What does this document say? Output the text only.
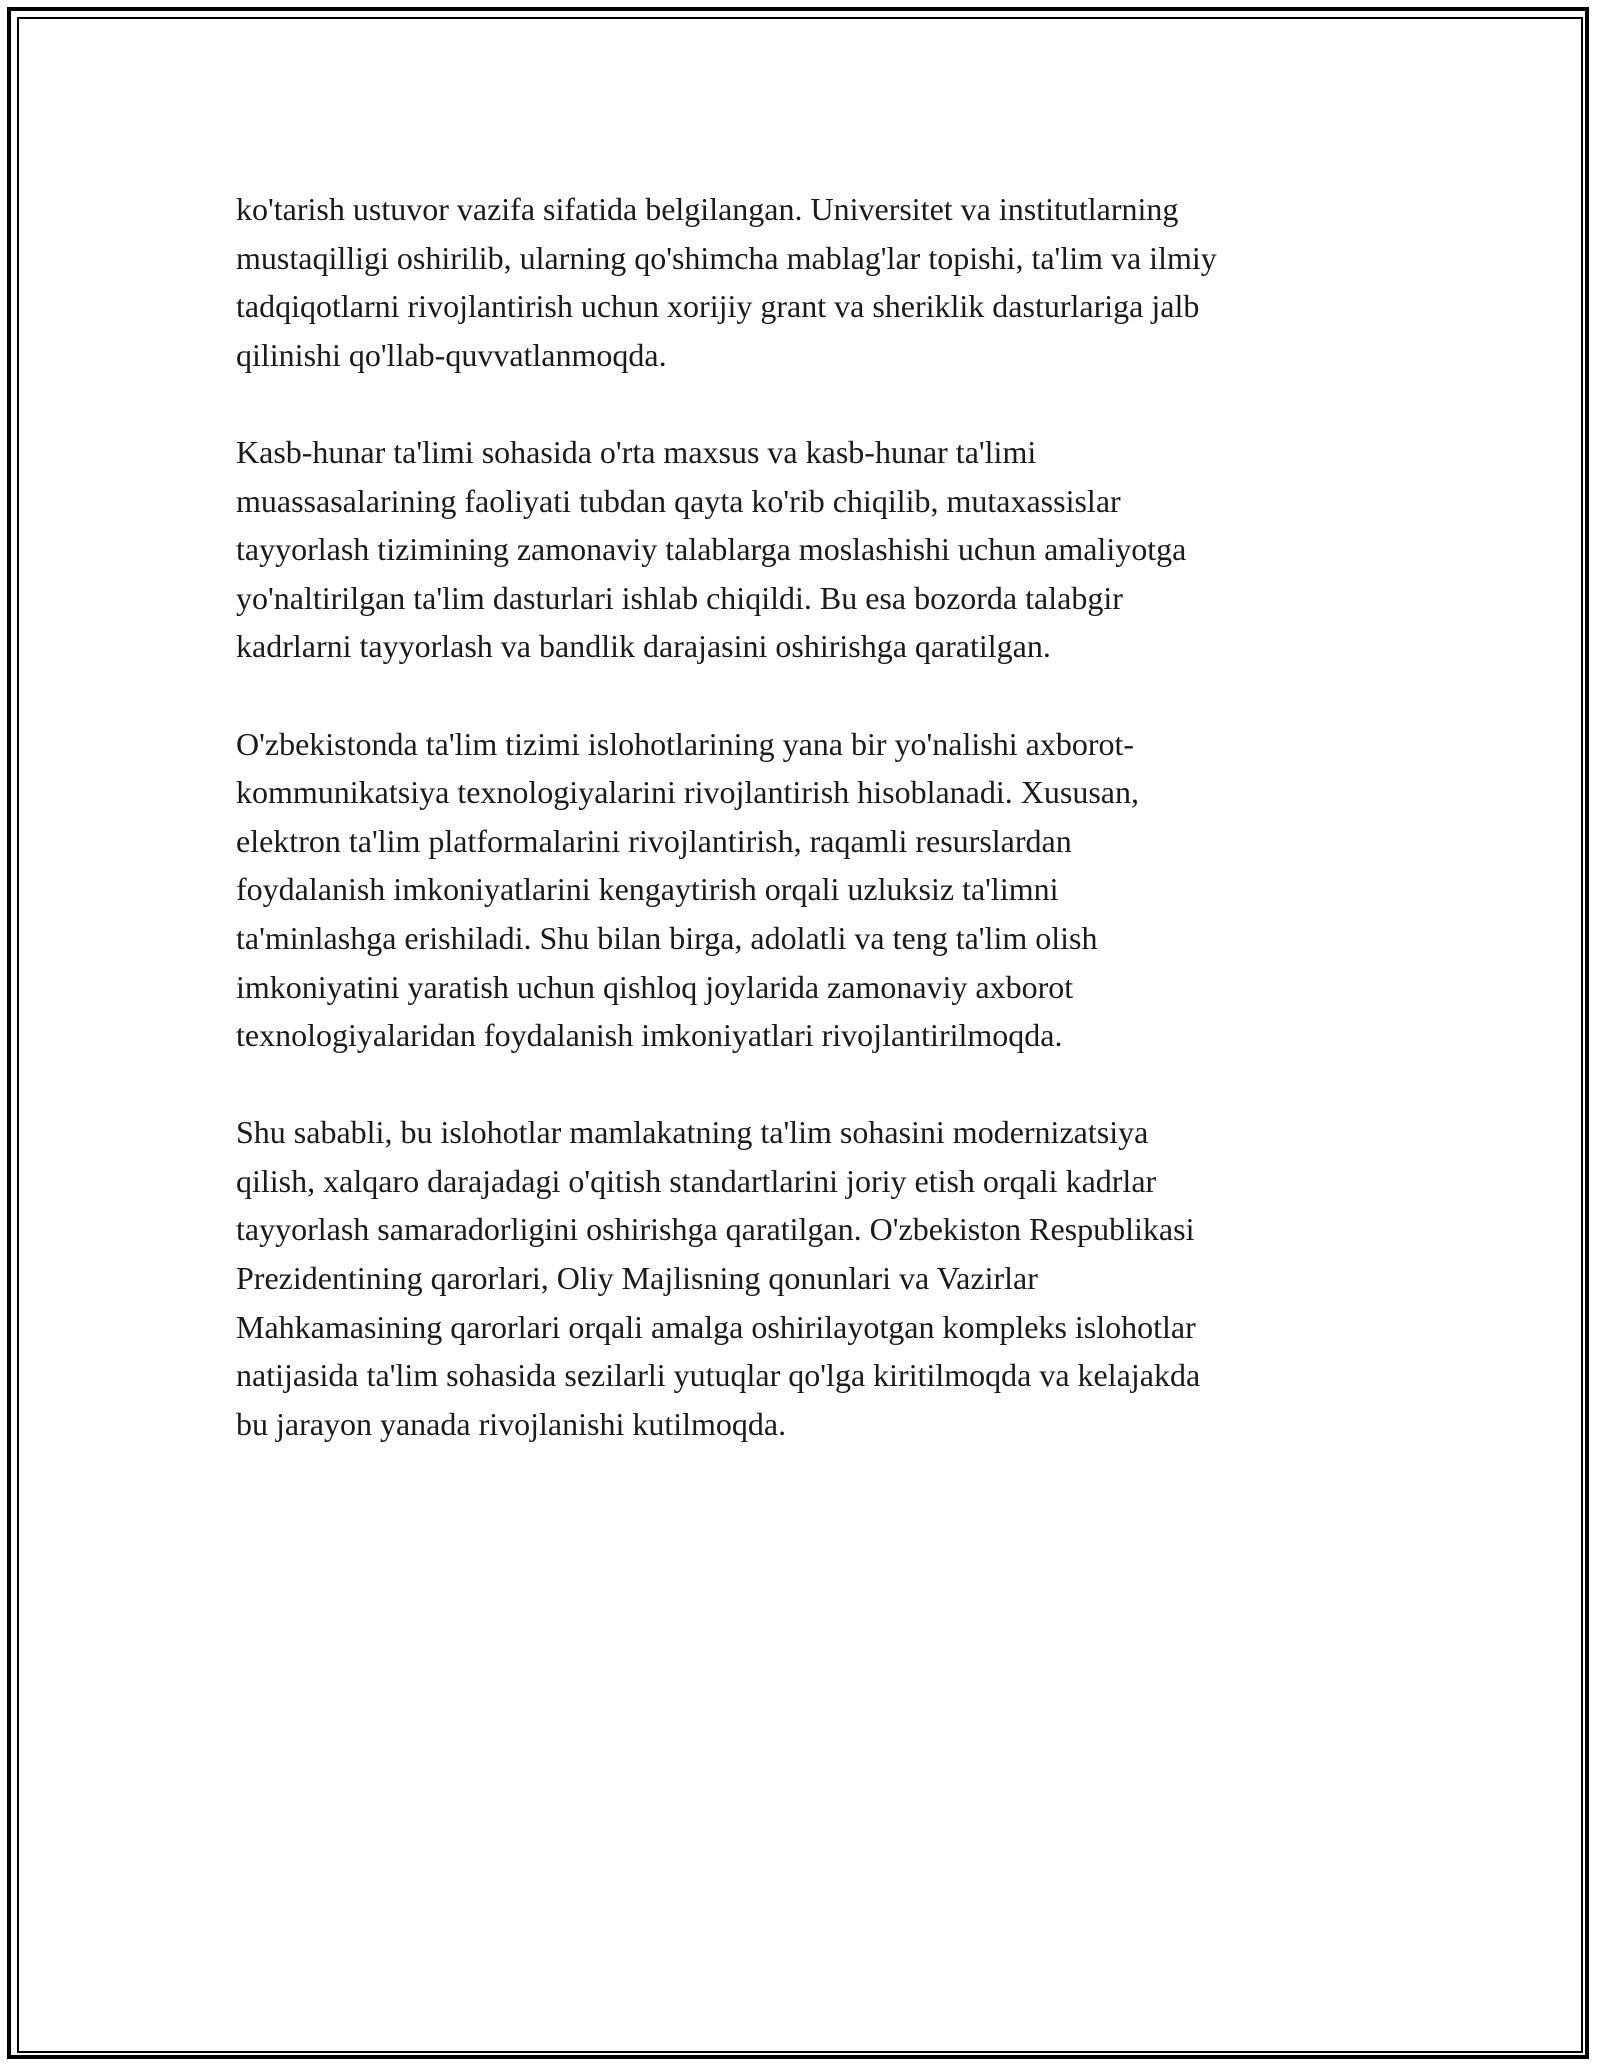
ko'tarish ustuvor vazifa sifatida belgilangan. Universitet va institutlarning
mustaqilligi oshirilib, ularning qo'shimcha mablag'lar topishi, ta'lim va ilmiy
tadqiqotlarni rivojlantirish uchun xorijiy grant va sheriklik dasturlariga jalb
qilinishi qo'llab-quvvatlanmoqda.

Kasb-hunar ta'limi sohasida o'rta maxsus va kasb-hunar ta'limi
muassasalarining faoliyati tubdan qayta ko'rib chiqilib, mutaxassislar
tayyorlash tizimining zamonaviy talablarga moslashishi uchun amaliyotga
yo'naltirilgan ta'lim dasturlari ishlab chiqildi. Bu esa bozorda talabgir
kadrlarni tayyorlash va bandlik darajasini oshirishga qaratilgan.

O'zbekistonda ta'lim tizimi islohotlarining yana bir yo'nalishi axborot-
kommunikatsiya texnologiyalarini rivojlantirish hisoblanadi. Xususan,
elektron ta'lim platformalarini rivojlantirish, raqamli resurslardan
foydalanish imkoniyatlarini kengaytirish orqali uzluksiz ta'limni
ta'minlashga erishiladi. Shu bilan birga, adolatli va teng ta'lim olish
imkoniyatini yaratish uchun qishloq joylarida zamonaviy axborot
texnologiyalaridan foydalanish imkoniyatlari rivojlantirilmoqda.

Shu sababli, bu islohotlar mamlakatning ta'lim sohasini modernizatsiya
qilish, xalqaro darajadagi o'qitish standartlarini joriy etish orqali kadrlar
tayyorlash samaradorligini oshirishga qaratilgan. O'zbekiston Respublikasi
Prezidentining qarorlari, Oliy Majlisning qonunlari va Vazirlar
Mahkamasining qarorlari orqali amalga oshirilayotgan kompleks islohotlar
natijasida ta'lim sohasida sezilarli yutuqlar qo'lga kiritilmoqda va kelajakda
bu jarayon yanada rivojlanishi kutilmoqda.
